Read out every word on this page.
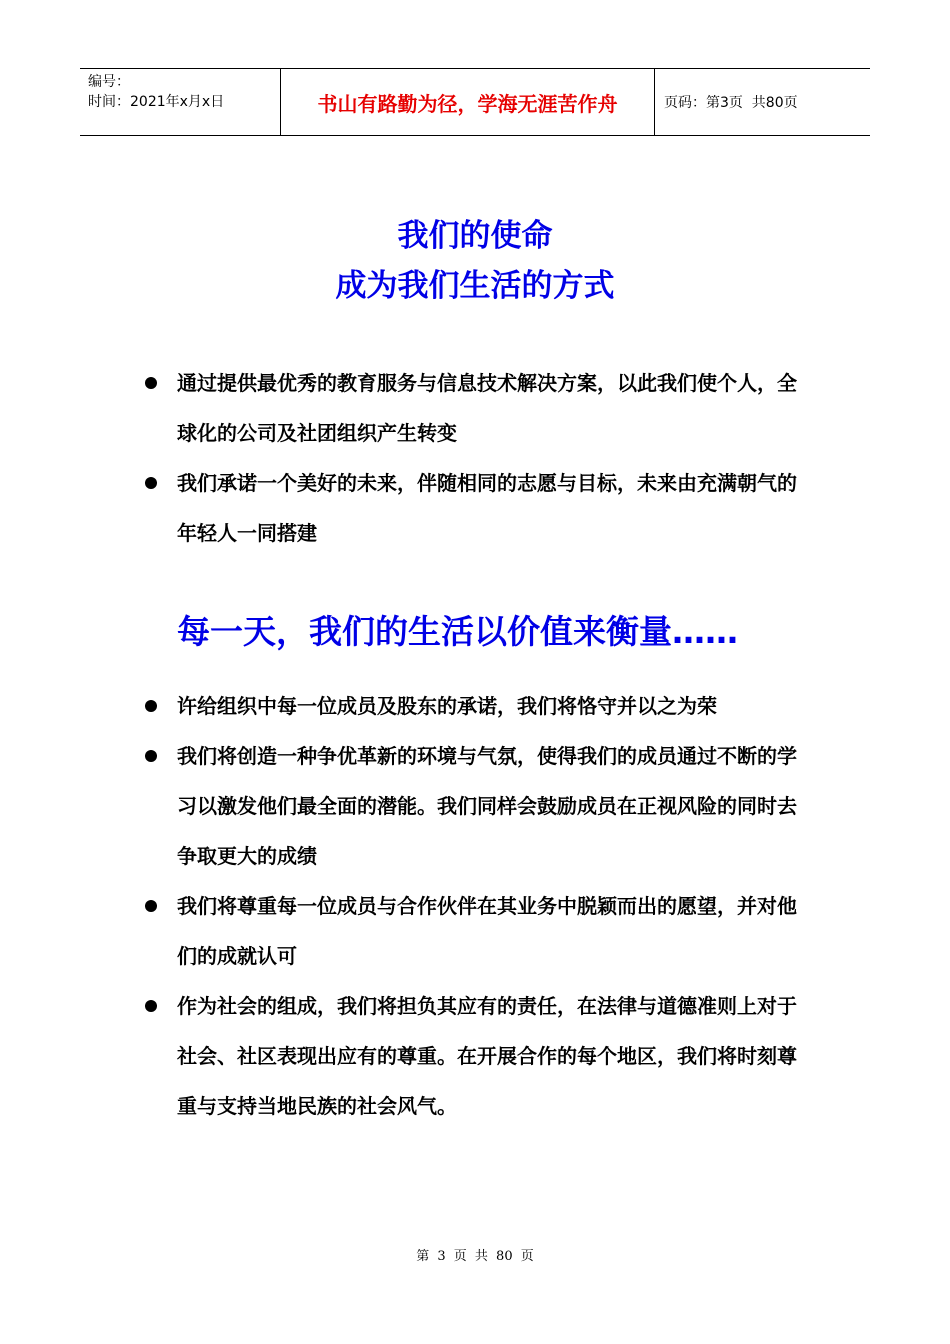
编号：
时间：2021年x月x日	书山有路勤为径，学海无涯苦作舟	页码：第3页  共80页
我们的使命
成为我们生活的方式
通过提供最优秀的教育服务与信息技术解决方案，以此我们使个人，全球化的公司及社团组织产生转变
我们承诺一个美好的未来，伴随相同的志愿与目标，未来由充满朝气的年轻人一同搭建
每一天，我们的生活以价值来衡量……
许给组织中每一位成员及股东的承诺，我们将恪守并以之为荣
我们将创造一种争优革新的环境与气氛，使得我们的成员通过不断的学习以激发他们最全面的潜能。我们同样会鼓励成员在正视风险的同时去争取更大的成绩
我们将尊重每一位成员与合作伙伴在其业务中脱颖而出的愿望，并对他们的成就认可
作为社会的组成，我们将担负其应有的责任，在法律与道德准则上对于社会、社区表现出应有的尊重。在开展合作的每个地区，我们将时刻尊重与支持当地民族的社会风气。
第 3 页 共 80 页
